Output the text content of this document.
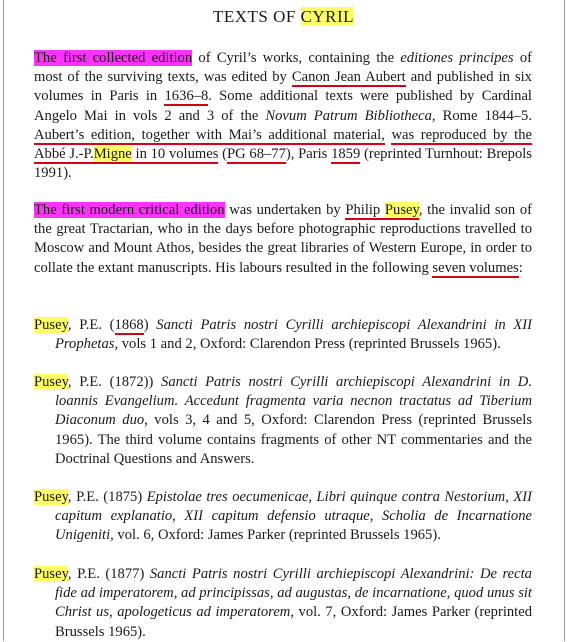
TEXTS OF CYRIL

The first collected edition of Cyril’s works, containing the editiones principes of most of the surviving texts, was edited by Canon Jean Aubert and published in six volumes in Paris in 1636–8. Some additional texts were published by Cardinal Angelo Mai in vols 2 and 3 of the Novum Patrum Bibliotheca, Rome 1844–5. Aubert’s edition, together with Mai’s additional material, was reproduced by the Abbé J.-P.Migne in 10 volumes (PG 68–77), Paris 1859 (reprinted Turnhout: Brepols 1991).

The first modern critical edition was undertaken by Philip Pusey, the invalid son of the great Tractarian, who in the days before photographic reproductions travelled to Moscow and Mount Athos, besides the great libraries of Western Europe, in order to collate the extant manuscripts. His labours resulted in the following seven volumes:

Pusey, P.E. (1868) Sancti Patris nostri Cyrilli archiepiscopi Alexandrini in XII Prophetas, vols 1 and 2, Oxford: Clarendon Press (reprinted Brussels 1965).

Pusey, P.E. (1872)) Sancti Patris nostri Cyrilli archiepiscopi Alexandrini in D. loannis Evangelium. Accedunt fragmenta varia necnon tractatus ad Tiberium Diaconum duo, vols 3, 4 and 5, Oxford: Clarendon Press (reprinted Brussels 1965). The third volume contains fragments of other NT commentaries and the Doctrinal Questions and Answers.

Pusey, P.E. (1875) Epistolae tres oecumenicae, Libri quinque contra Nestorium, XII capitum explanatio, XII capitum defensio utraque, Scholia de Incarnatione Unigeniti, vol. 6, Oxford: James Parker (reprinted Brussels 1965).

Pusey, P.E. (1877) Sancti Patris nostri Cyrilli archiepiscopi Alexandrini: De recta fide ad imperatorem, ad principissas, ad augustas, de incarnatione, quod unus sit Christ us, apologeticus ad imperatorem, vol. 7, Oxford: James Parker (reprinted Brussels 1965).
